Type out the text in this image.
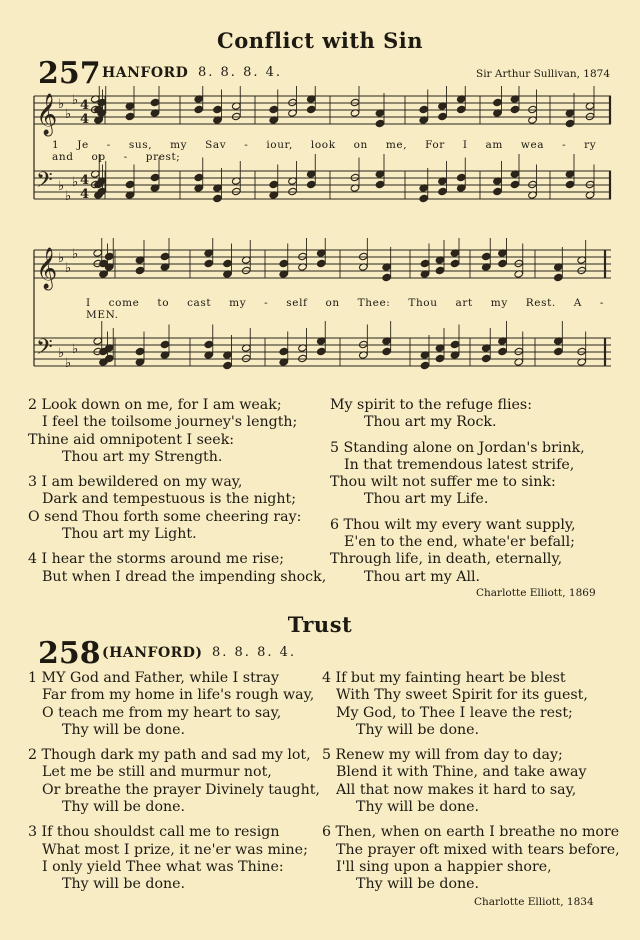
Conflict with Sin
257 HANFORD 8. 8. 8. 4.	Sir Arthur Sullivan, 1874
𝄞 ♭
♭
♭ 4
4
𝄢 ♭
♭
♭ 4
4
1 Je - sus, my Sav - iour, look on me, For I am wea - ry and op - prest;
𝄞 ♭
♭
♭
𝄢 ♭
♭
♭
I come to cast my - self on Thee: Thou art my Rest. A - MEN.
2 Look down on me, for I am weak;
I feel the toilsome journey's length;
Thine aid omnipotent I seek:
Thou art my Strength.
3 I am bewildered on my way,
Dark and tempestuous is the night;
O send Thou forth some cheering ray:
Thou art my Light.
4 I hear the storms around me rise;
But when I dread the impending shock,
My spirit to the refuge flies:
Thou art my Rock.
5 Standing alone on Jordan's brink,
In that tremendous latest strife,
Thou wilt not suffer me to sink:
Thou art my Life.
6 Thou wilt my every want supply,
E'en to the end, whate'er befall;
Through life, in death, eternally,
Thou art my All.
Charlotte Elliott, 1869
Trust
258 (HANFORD) 8. 8. 8. 4.
1 MY God and Father, while I stray
Far from my home in life's rough way,
O teach me from my heart to say,
Thy will be done.
2 Though dark my path and sad my lot,
Let me be still and murmur not,
Or breathe the prayer Divinely taught,
Thy will be done.
3 If thou shouldst call me to resign
What most I prize, it ne'er was mine;
I only yield Thee what was Thine:
Thy will be done.
4 If but my fainting heart be blest
With Thy sweet Spirit for its guest,
My God, to Thee I leave the rest;
Thy will be done.
5 Renew my will from day to day;
Blend it with Thine, and take away
All that now makes it hard to say,
Thy will be done.
6 Then, when on earth I breathe no more
The prayer oft mixed with tears before,
I'll sing upon a happier shore,
Thy will be done.
Charlotte Elliott, 1834
